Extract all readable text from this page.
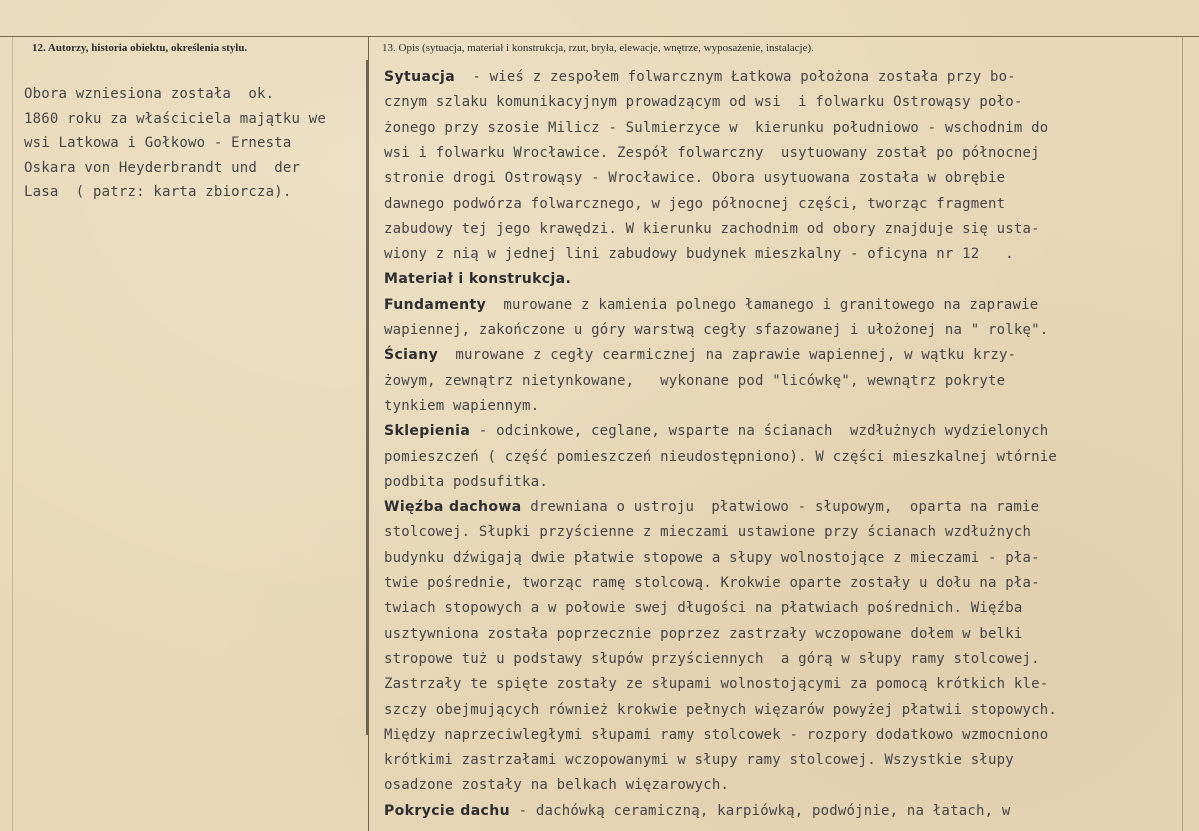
12. Autorzy, historia obiektu, określenia stylu.	13. Opis (sytuacja, materiał i konstrukcja, rzut, bryła, elewacje, wnętrze, wyposażenie, instalacje).
Obora wzniesiona została  ok.
1860 roku za właściciela majątku we
wsi Latkowa i Gołkowo - Ernesta
Oskara von Heyderbrandt und  der
Lasa  ( patrz: karta zbiorcza).
Sytuacja  - wieś z zespołem folwarcznym Łatkowa położona została przy bo-
cznym szlaku komunikacyjnym prowadzącym od wsi  i folwarku Ostrowąsy poło-
żonego przy szosie Milicz - Sulmierzyce w  kierunku południowo - wschodnim do
wsi i folwarku Wrocławice. Zespół folwarczny  usytuowany został po północnej
stronie drogi Ostrowąsy - Wrocławice. Obora usytuowana została w obrębie
dawnego podwórza folwarcznego, w jego północnej części, tworząc fragment
zabudowy tej jego krawędzi. W kierunku zachodnim od obory znajduje się usta-
wiony z nią w jednej lini zabudowy budynek mieszkalny - oficyna nr 12   .
Materiał i konstrukcja.
Fundamenty  murowane z kamienia polnego łamanego i granitowego na zaprawie
wapiennej, zakończone u góry warstwą cegły sfazowanej i ułożonej na " rolkę".
Ściany  murowane z cegły cearmicznej na zaprawie wapiennej, w wątku krzy-
żowym, zewnątrz nietynkowane,   wykonane pod "licówkę", wewnątrz pokryte
tynkiem wapiennym.
Sklepienia - odcinkowe, ceglane, wsparte na ścianach  wzdłużnych wydzielonych
pomieszczeń ( część pomieszczeń nieudostępniono). W części mieszkalnej wtórnie
podbita podsufitka.
Więźba dachowa drewniana o ustroju  płatwiowo - słupowym,  oparta na ramie
stolcowej. Słupki przyścienne z mieczami ustawione przy ścianach wzdłużnych
budynku dźwigają dwie płatwie stopowe a słupy wolnostojące z mieczami - pła-
twie pośrednie, tworząc ramę stolcową. Krokwie oparte zostały u dołu na pła-
twiach stopowych a w połowie swej długości na płatwiach pośrednich. Więźba
usztywniona została poprzecznie poprzez zastrzały wczopowane dołem w belki
stropowe tuż u podstawy słupów przyściennych  a górą w słupy ramy stolcowej.
Zastrzały te spięte zostały ze słupami wolnostojącymi za pomocą krótkich kle-
szczy obejmujących również krokwie pełnych więzarów powyżej płatwii stopowych.
Między naprzeciwległymi słupami ramy stolcowek - rozpory dodatkowo wzmocniono
krótkimi zastrzałami wczopowanymi w słupy ramy stolcowej. Wszystkie słupy
osadzone zostały na belkach więzarowych.
Pokrycie dachu - dachówką ceramiczną, karpiówką, podwójnie, na łatach, w
